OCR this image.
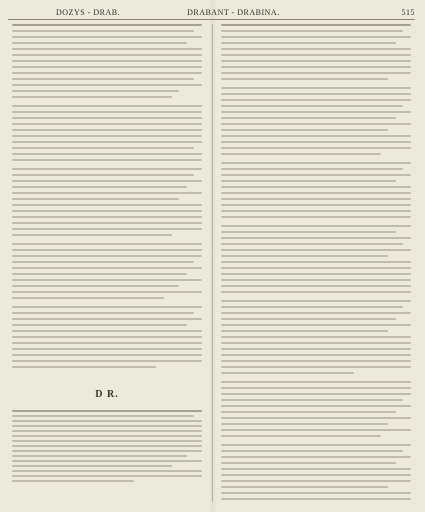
DOZYS - DRAB.	DRABANT - DRABINA.	515
D R.
